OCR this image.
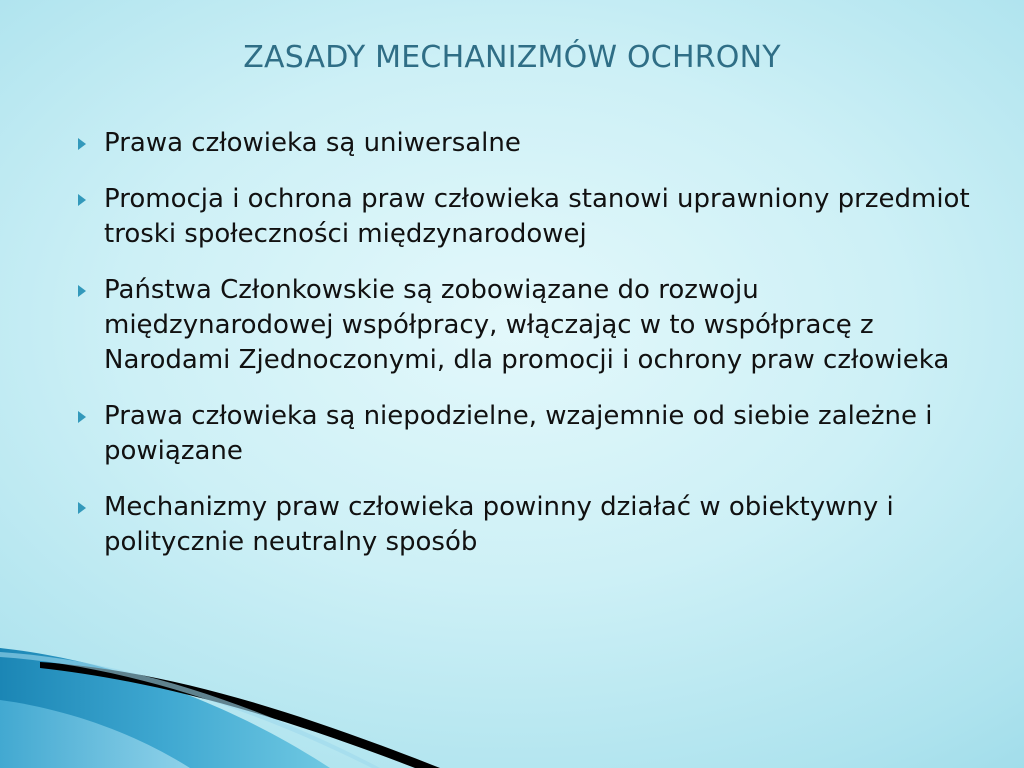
ZASADY MECHANIZMÓW OCHRONY
Prawa człowieka są uniwersalne
Promocja i ochrona praw człowieka stanowi uprawniony przedmiot troski społeczności międzynarodowej
Państwa Członkowskie są zobowiązane do rozwoju międzynarodowej współpracy, włączając w to współpracę z Narodami Zjednoczonymi, dla promocji i ochrony praw człowieka
Prawa człowieka są niepodzielne, wzajemnie od siebie zależne i powiązane
Mechanizmy praw człowieka powinny działać w obiektywny i politycznie neutralny sposób
